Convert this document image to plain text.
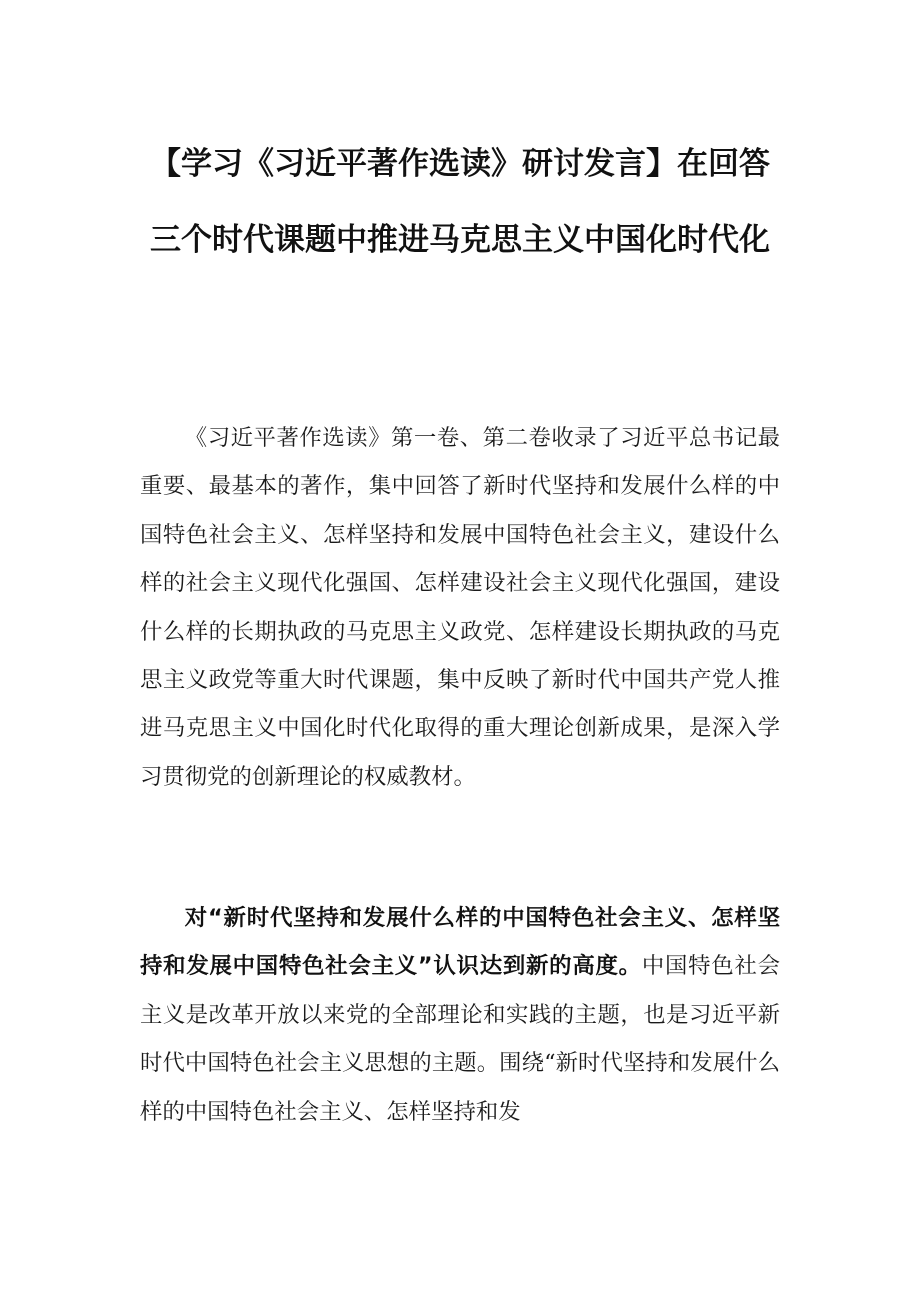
【学习《习近平著作选读》研讨发言】在回答三个时代课题中推进马克思主义中国化时代化

《习近平著作选读》第一卷、第二卷收录了习近平总书记最重要、最基本的著作，集中回答了新时代坚持和发展什么样的中国特色社会主义、怎样坚持和发展中国特色社会主义，建设什么样的社会主义现代化强国、怎样建设社会主义现代化强国，建设什么样的长期执政的马克思主义政党、怎样建设长期执政的马克思主义政党等重大时代课题，集中反映了新时代中国共产党人推进马克思主义中国化时代化取得的重大理论创新成果，是深入学习贯彻党的创新理论的权威教材。

对“新时代坚持和发展什么样的中国特色社会主义、怎样坚持和发展中国特色社会主义”认识达到新的高度。中国特色社会主义是改革开放以来党的全部理论和实践的主题，也是习近平新时代中国特色社会主义思想的主题。围绕“新时代坚持和发展什么样的中国特色社会主义、怎样坚持和发
